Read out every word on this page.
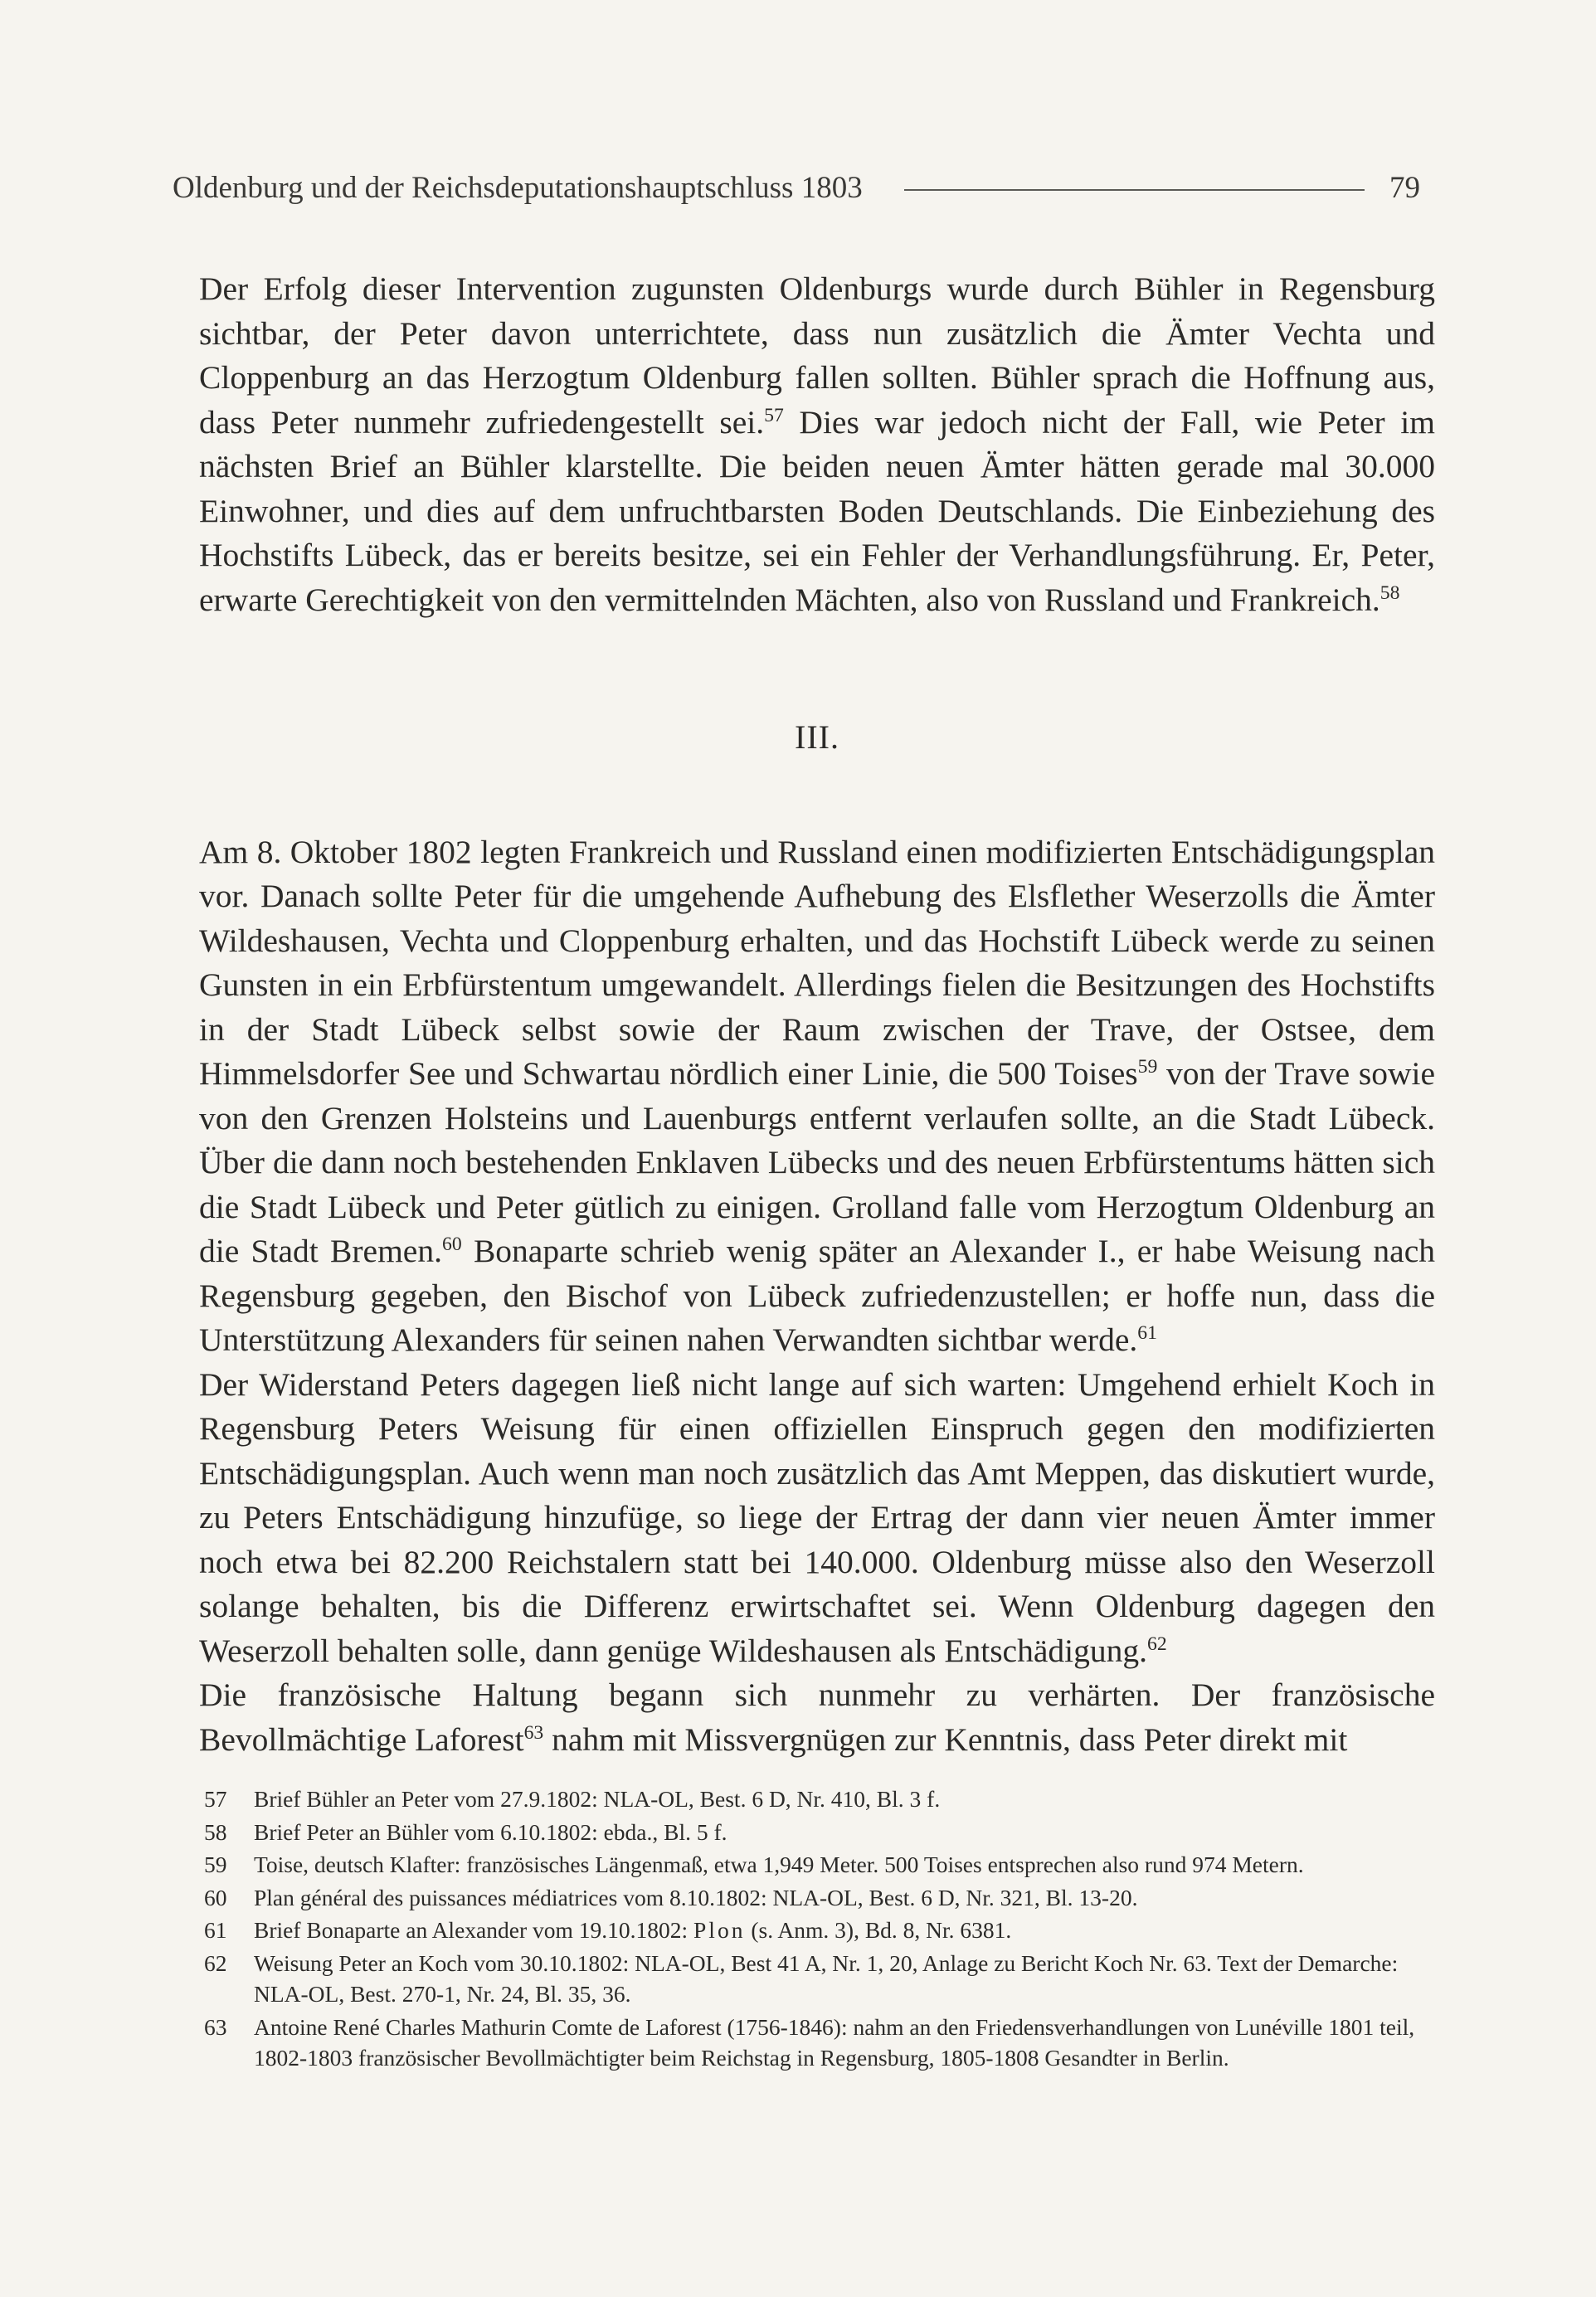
Oldenburg und der Reichsdeputationshauptschluss 1803	79

Der Erfolg dieser Intervention zugunsten Oldenburgs wurde durch Bühler in Regensburg sichtbar, der Peter davon unterrichtete, dass nun zusätzlich die Ämter Vechta und Cloppenburg an das Herzogtum Oldenburg fallen sollten. Bühler sprach die Hoffnung aus, dass Peter nunmehr zufriedengestellt sei.$^{57}$ Dies war jedoch nicht der Fall, wie Peter im nächsten Brief an Bühler klarstellte. Die beiden neuen Ämter hätten gerade mal 30.000 Einwohner, und dies auf dem unfruchtbarsten Boden Deutschlands. Die Einbeziehung des Hochstifts Lübeck, das er bereits besitze, sei ein Fehler der Verhandlungsführung. Er, Peter, erwarte Gerechtigkeit von den vermittelnden Mächten, also von Russland und Frankreich.$^{58}$

III.

Am 8. Oktober 1802 legten Frankreich und Russland einen modifizierten Entschädigungsplan vor. Danach sollte Peter für die umgehende Aufhebung des Elsflether Weserzolls die Ämter Wildeshausen, Vechta und Cloppenburg erhalten, und das Hochstift Lübeck werde zu seinen Gunsten in ein Erbfürstentum umgewandelt. Allerdings fielen die Besitzungen des Hochstifts in der Stadt Lübeck selbst sowie der Raum zwischen der Trave, der Ostsee, dem Himmelsdorfer See und Schwartau nördlich einer Linie, die 500 Toises$^{59}$ von der Trave sowie von den Grenzen Holsteins und Lauenburgs entfernt verlaufen sollte, an die Stadt Lübeck. Über die dann noch bestehenden Enklaven Lübecks und des neuen Erbfürstentums hätten sich die Stadt Lübeck und Peter gütlich zu einigen. Grolland falle vom Herzogtum Oldenburg an die Stadt Bremen.$^{60}$ Bonaparte schrieb wenig später an Alexander I., er habe Weisung nach Regensburg gegeben, den Bischof von Lübeck zufriedenzustellen; er hoffe nun, dass die Unterstützung Alexanders für seinen nahen Verwandten sichtbar werde.$^{61}$

Der Widerstand Peters dagegen ließ nicht lange auf sich warten: Umgehend erhielt Koch in Regensburg Peters Weisung für einen offiziellen Einspruch gegen den modifizierten Entschädigungsplan. Auch wenn man noch zusätzlich das Amt Meppen, das diskutiert wurde, zu Peters Entschädigung hinzufüge, so liege der Ertrag der dann vier neuen Ämter immer noch etwa bei 82.200 Reichstalern statt bei 140.000. Oldenburg müsse also den Weserzoll solange behalten, bis die Differenz erwirtschaftet sei. Wenn Oldenburg dagegen den Weserzoll behalten solle, dann genüge Wildeshausen als Entschädigung.$^{62}$

Die französische Haltung begann sich nunmehr zu verhärten. Der französische Bevollmächtige Laforest$^{63}$ nahm mit Missvergnügen zur Kenntnis, dass Peter direkt mit

57	Brief Bühler an Peter vom 27.9.1802: NLA-OL, Best. 6 D, Nr. 410, Bl. 3 f.
58	Brief Peter an Bühler vom 6.10.1802: ebda., Bl. 5 f.
59	Toise, deutsch Klafter: französisches Längenmaß, etwa 1,949 Meter. 500 Toises entsprechen also rund 974 Metern.
60	Plan général des puissances médiatrices vom 8.10.1802: NLA-OL, Best. 6 D, Nr. 321, Bl. 13-20.
61	Brief Bonaparte an Alexander vom 19.10.1802: Plon (s. Anm. 3), Bd. 8, Nr. 6381.
62	Weisung Peter an Koch vom 30.10.1802: NLA-OL, Best 41 A, Nr. 1, 20, Anlage zu Bericht Koch Nr. 63. Text der Demarche: NLA-OL, Best. 270-1, Nr. 24, Bl. 35, 36.
63	Antoine René Charles Mathurin Comte de Laforest (1756-1846): nahm an den Friedensverhandlungen von Lunéville 1801 teil, 1802-1803 französischer Bevollmächtigter beim Reichstag in Regensburg, 1805-1808 Gesandter in Berlin.
